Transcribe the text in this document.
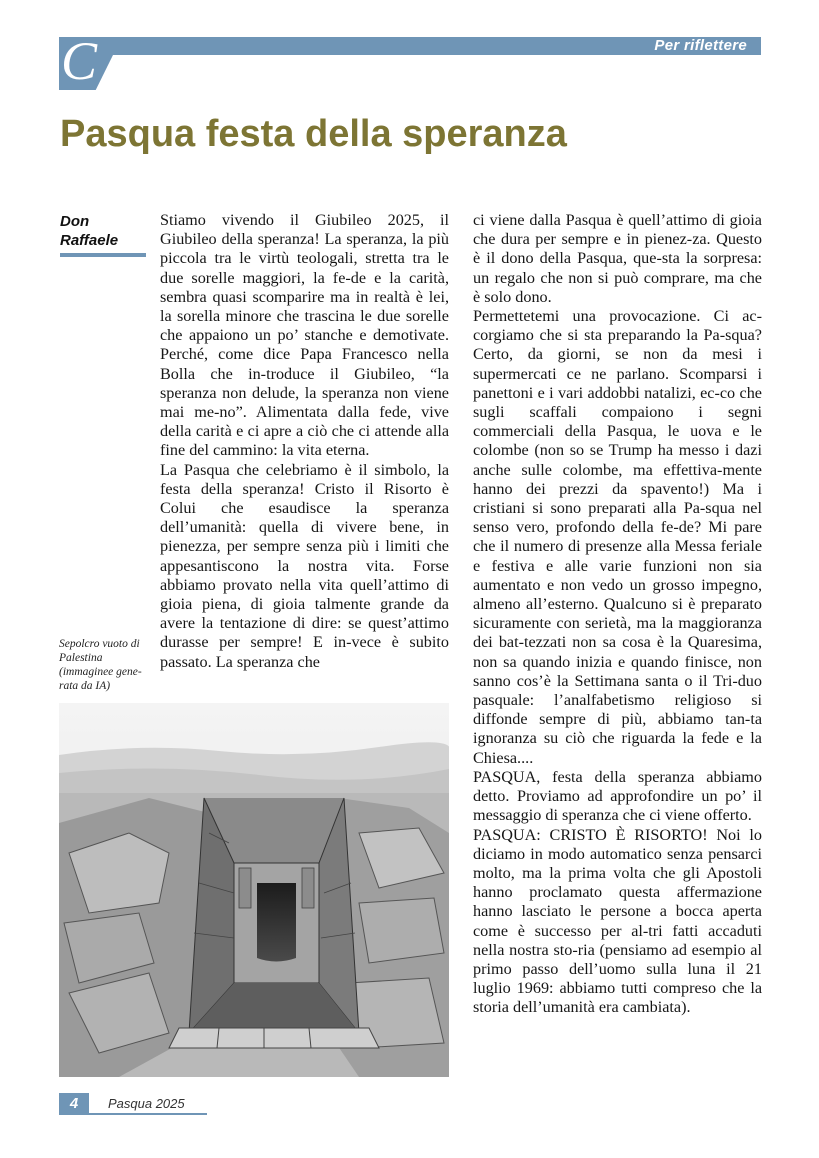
Per riflettere
C
Pasqua festa della speranza
Don
Raffaele
Sepolcro vuoto di Palestina (immaginee gene-rata da IA)

Stiamo vivendo il Giubileo 2025, il Giubileo della speranza! La speranza, la più piccola tra le virtù teologali, stretta tra le due sorelle maggiori, la fe-de e la carità, sembra quasi scomparire ma in realtà è lei, la sorella minore che trascina le due sorelle che appaiono un po’ stanche e demotivate. Perché, come dice Papa Francesco nella Bolla che in-troduce il Giubileo, “la speranza non delude, la speranza non viene mai me-no”. Alimentata dalla fede, vive della carità e ci apre a ciò che ci attende alla fine del cammino: la vita eterna.

La Pasqua che celebriamo è il simbolo, la festa della speranza! Cristo il Risorto è Colui che esaudisce la speranza dell’umanità: quella di vivere bene, in pienezza, per sempre senza più i limiti che appesantiscono la nostra vita. Forse abbiamo provato nella vita quell’attimo di gioia piena, di gioia talmente grande da avere la tentazione di dire: se quest’attimo durasse per sempre! E in-vece è subito passato. La speranza che

ci viene dalla Pasqua è quell’attimo di gioia che dura per sempre e in pienez-za. Questo è il dono della Pasqua, que-sta la sorpresa: un regalo che non si può comprare, ma che è solo dono.

Permettetemi una provocazione. Ci ac-corgiamo che si sta preparando la Pa-squa? Certo, da giorni, se non da mesi i supermercati ce ne parlano. Scomparsi i panettoni e i vari addobbi natalizi, ec-co che sugli scaffali compaiono i segni commerciali della Pasqua, le uova e le colombe (non so se Trump ha messo i dazi anche sulle colombe, ma effettiva-mente hanno dei prezzi da spavento!) Ma i cristiani si sono preparati alla Pa-squa nel senso vero, profondo della fe-de? Mi pare che il numero di presenze alla Messa feriale e festiva e alle varie funzioni non sia aumentato e non vedo un grosso impegno, almeno all’esterno. Qualcuno si è preparato sicuramente con serietà, ma la maggioranza dei bat-tezzati non sa cosa è la Quaresima, non sa quando inizia e quando finisce, non sanno cos’è la Settimana santa o il Tri-duo pasquale: l’analfabetismo religioso si diffonde sempre di più, abbiamo tan-ta ignoranza su ciò che riguarda la fede e la Chiesa....

PASQUA, festa della speranza abbiamo detto. Proviamo ad approfondire un po’ il messaggio di speranza che ci viene offerto.

PASQUA: CRISTO È RISORTO! Noi lo diciamo in modo automatico senza pensarci molto, ma la prima volta che gli Apostoli hanno proclamato questa affermazione hanno lasciato le persone a bocca aperta come è successo per al-tri fatti accaduti nella nostra sto-ria (pensiamo ad esempio al primo passo dell’uomo sulla luna il 21 luglio 1969: abbiamo tutti compreso che la storia dell’umanità era cambiata).

4	Pasqua 2025
